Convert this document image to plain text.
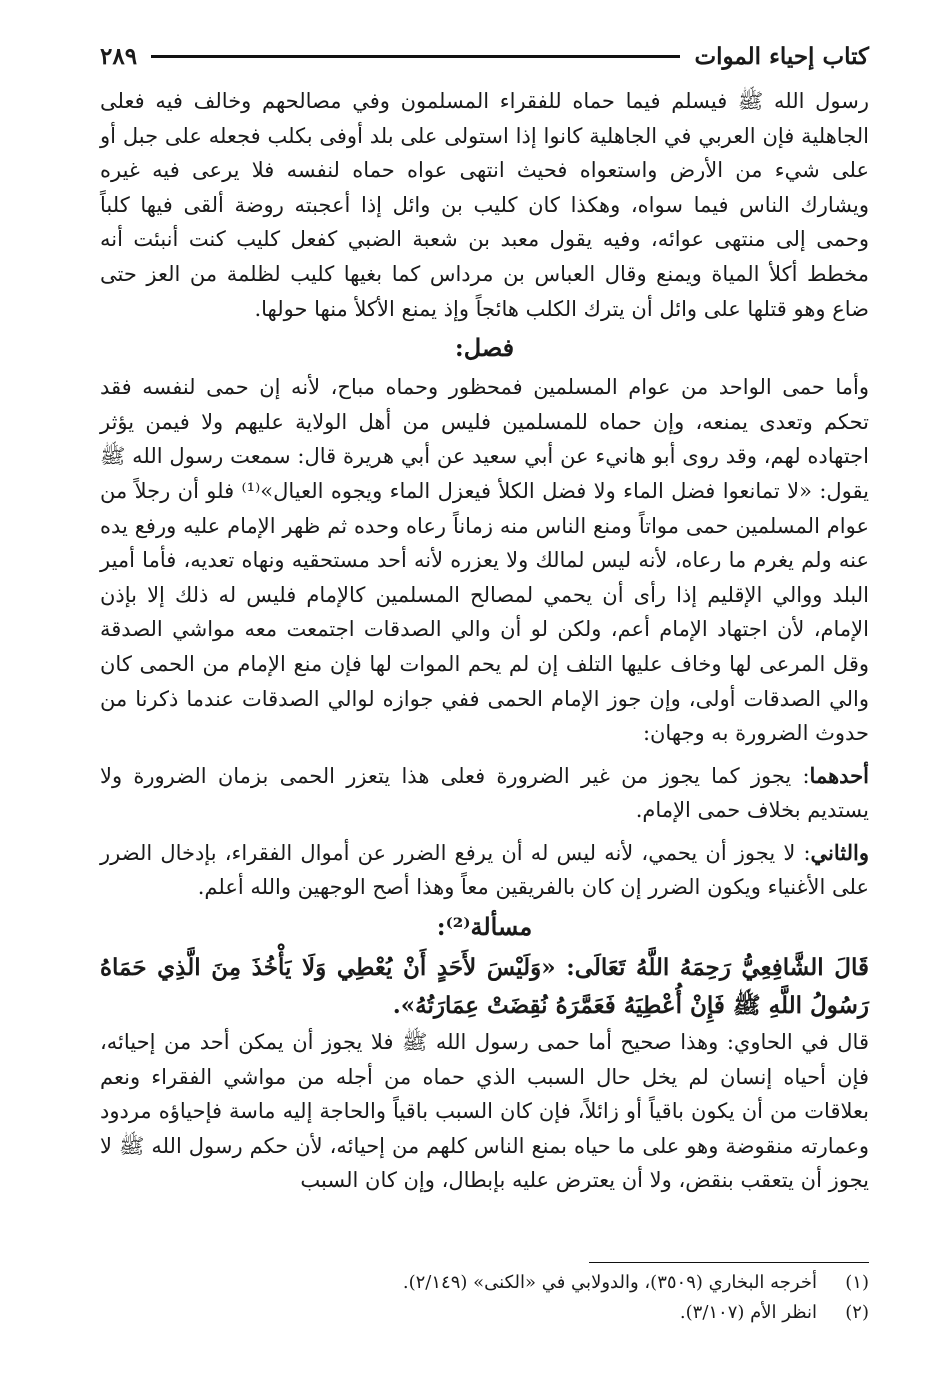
كتاب إحياء الموات
٢٨٩

رسول الله ﷺ فيسلم فيما حماه للفقراء المسلمون وفي مصالحهم وخالف فيه فعلى الجاهلية فإن العربي في الجاهلية كانوا إذا استولى على بلد أوفى بكلب فجعله على جبل أو على شيء من الأرض واستعواه فحيث انتهى عواه حماه لنفسه فلا يرعى فيه غيره ويشارك الناس فيما سواه، وهكذا كان كليب بن وائل إذا أعجبته روضة ألقى فيها كلباً وحمى إلى منتهى عوائه، وفيه يقول معبد بن شعبة الضبي كفعل كليب كنت أنبئت أنه مخطط أكلأ المياة ويمنع وقال العباس بن مرداس كما بغيها كليب لظلمة من العز حتى ضاع وهو قتلها على وائل أن يترك الكلب هائجاً وإذ يمنع الأكلأ منها حولها.

فصل:

وأما حمى الواحد من عوام المسلمين فمحظور وحماه مباح، لأنه إن حمى لنفسه فقد تحكم وتعدى يمنعه، وإن حماه للمسلمين فليس من أهل الولاية عليهم ولا فيمن يؤثر اجتهاده لهم، وقد روى أبو هانيء عن أبي سعيد عن أبي هريرة قال: سمعت رسول الله ﷺ يقول: «لا تمانعوا فضل الماء ولا فضل الكلأ فيعزل الماء ويجوه العيال»⁽¹⁾ فلو أن رجلاً من عوام المسلمين حمى مواتاً ومنع الناس منه زماناً رعاه وحده ثم ظهر الإمام عليه ورفع يده عنه ولم يغرم ما رعاه، لأنه ليس لمالك ولا يعزره لأنه أحد مستحقيه ونهاه تعديه، فأما أمير البلد ووالي الإقليم إذا رأى أن يحمي لمصالح المسلمين كالإمام فليس له ذلك إلا بإذن الإمام، لأن اجتهاد الإمام أعم، ولكن لو أن والي الصدقات اجتمعت معه مواشي الصدقة وقل المرعى لها وخاف عليها التلف إن لم يحم الموات لها فإن منع الإمام من الحمى كان والي الصدقات أولى، وإن جوز الإمام الحمى ففي جوازه لوالي الصدقات عندما ذكرنا من حدوث الضرورة به وجهان:

أحدهما: يجوز كما يجوز من غير الضرورة فعلى هذا يتعزر الحمى بزمان الضرورة ولا يستديم بخلاف حمى الإمام.

والثاني: لا يجوز أن يحمي، لأنه ليس له أن يرفع الضرر عن أموال الفقراء، بإدخال الضرر على الأغنياء ويكون الضرر إن كان بالفريقين معاً وهذا أصح الوجهين والله أعلم.

مسألة⁽²⁾:

قَالَ الشَّافِعِيُّ رَحِمَهُ اللَّهُ تَعَالَى: «وَلَيْسَ لأَحَدٍ أَنْ يُعْطِي وَلَا يَأْخُذَ مِنَ الَّذِي حَمَاهُ رَسُولُ اللَّهِ ﷺ فَإِنْ أُعْطِيَهُ فَعَمَّرَهُ نُقِضَتْ عِمَارَتُهُ».

قال في الحاوي: وهذا صحيح أما حمى رسول الله ﷺ فلا يجوز أن يمكن أحد من إحيائه، فإن أحياه إنسان لم يخل حال السبب الذي حماه من أجله من مواشي الفقراء ونعم بعلاقات من أن يكون باقياً أو زائلاً، فإن كان السبب باقياً والحاجة إليه ماسة فإحياؤه مردود وعمارته منقوضة وهو على ما حياه بمنع الناس كلهم من إحيائه، لأن حكم رسول الله ﷺ لا يجوز أن يتعقب بنقض، ولا أن يعترض عليه بإبطال، وإن كان السبب

(١)
أخرجه البخاري (٣٥٠٩)، والدولابي في «الكنى» (٢/١٤٩).
(٢)
انظر الأم (٣/١٠٧).
